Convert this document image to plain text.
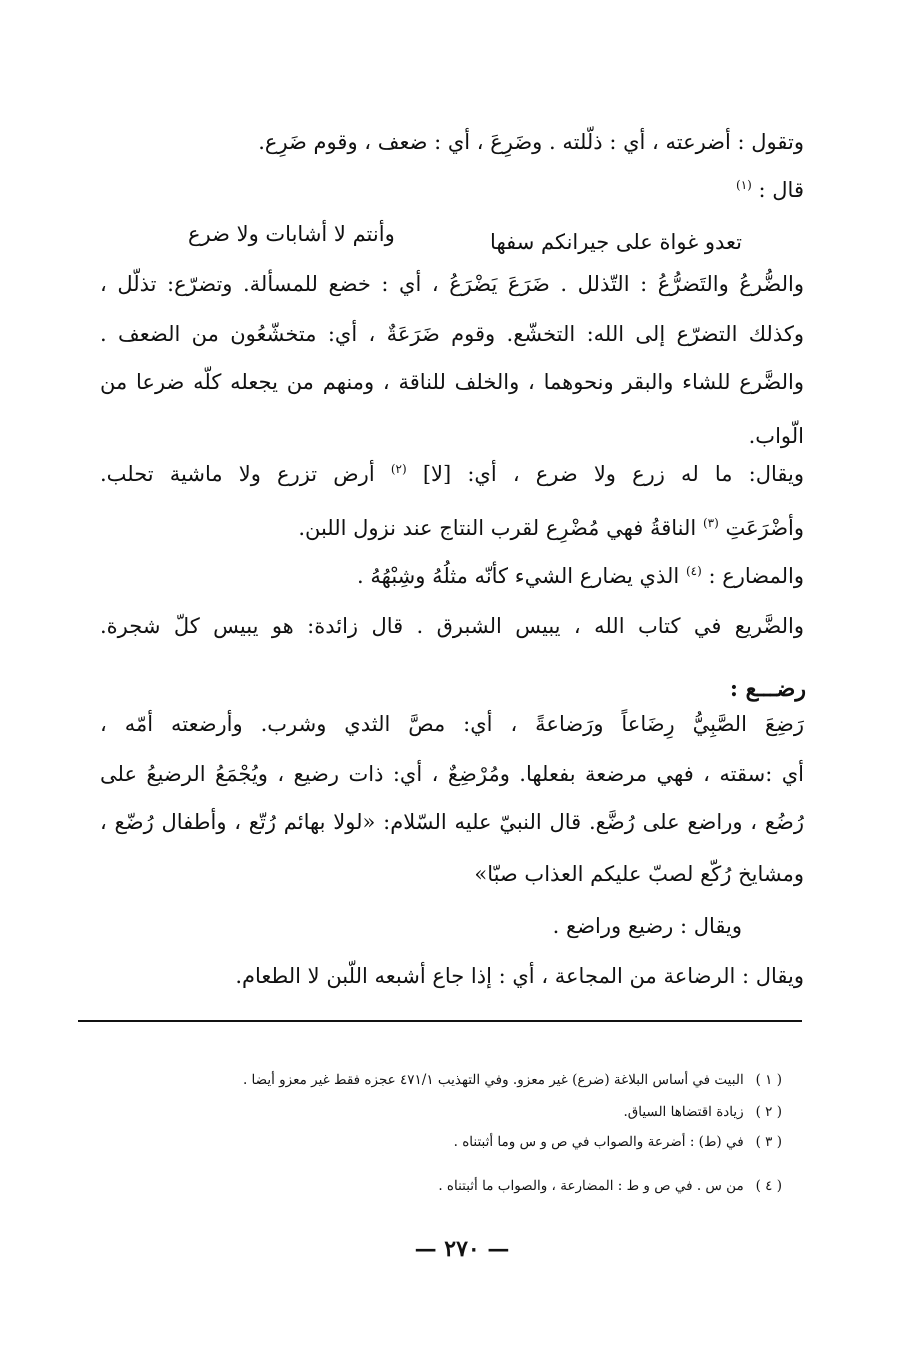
وتقول : أضرعته ، أي : ذلّلته . وضَرِعَ ، أي : ضعف ، وقوم ضَرِع.
قال : $^{(١)}$
وأنتم لا أشابات ولا ضرع	تعدو غواة على جيرانكم سفها
والضُّرعُ والتَضرُّعُ : التّذلل . ضَرَعَ يَضْرَعُ ، أي : خضع للمسألة. وتضرّع: تذلّل ،
وكذلك التضرّع إلى الله: التخشّع. وقوم ضَرَعَةٌ ، أي: متخشّعُون من الضعف .
والضَّرع للشاء والبقر ونحوهما ، والخلف للناقة ، ومنهم من يجعله كلّه ضرعا من
الّواب.
ويقال: ما له زرع ولا ضرع ، أي: [لا] $^{(٢)}$ أرض تزرع ولا ماشية تحلب.
وأضْرَعَتِ $^{(٣)}$ الناقةُ فهي مُضْرِع لقرب النتاج عند نزول اللبن.
والمضارع : $^{(٤)}$ الذي يضارع الشيء كأنّه مثلُهُ وشِبْهُهُ .
والضَّريع في كتاب الله ، يبيس الشبرق . قال زائدة: هو يبيس كلّ شجرة.
رضـــع :
رَضِعَ الصَّبِيُّ رِضَاعاً ورَضاعةً ، أي: مصَّ الثدي وشرب. وأرضعته أمّه ،
أي :سقته ، فهي مرضعة بفعلها. ومُرْضِعٌ ، أي: ذات رضيع ، ويُجْمَعُ الرضيعُ على
رُضُع ، وراضع على رُضَّع. قال النبيّ عليه السّلام: «لولا بهائم رُتّع ، وأطفال رُضّع ،
ومشايخ رُكّع لصبّ عليكم العذاب صبّا»
ويقال : رضيع وراضع .
ويقال : الرضاعة من المجاعة ، أي : إذا جاع أشبعه اللّبن لا الطعام.
( ١ ) البيت في أساس البلاغة (ضرع) غير معزو. وفي التهذيب ٤٧١/١ عجزه فقط غير معزو أيضا .
( ٢ ) زيادة اقتضاها السياق.
( ٣ ) في (ط) : أضرعة والصواب في ص و س وما أثبتناه .
( ٤ ) من س . في ص و ط : المضارعة ، والصواب ما أثبتناه .
— ٢٧٠ —
